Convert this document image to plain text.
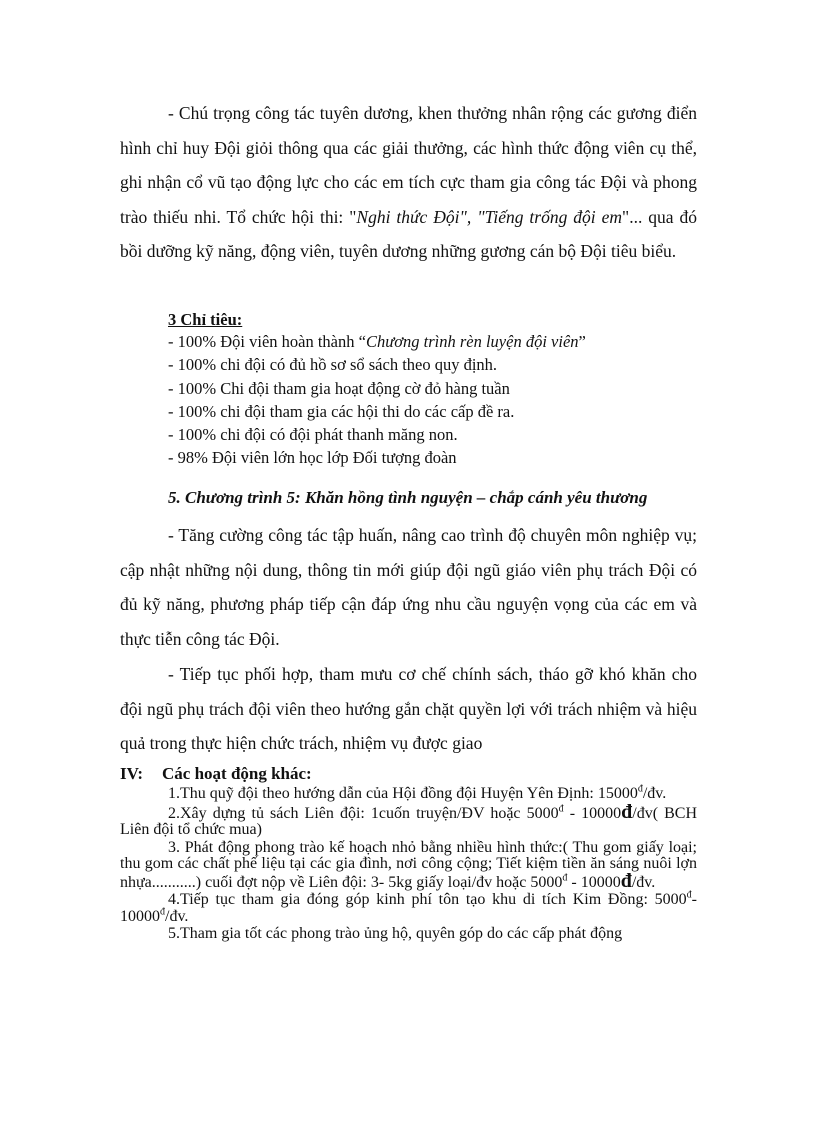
- Chú trọng công tác tuyên dương, khen thưởng nhân rộng các gương điển hình chỉ huy Đội giỏi thông qua các giải thưởng, các hình thức động viên cụ thể, ghi nhận cổ vũ tạo động lực cho các em tích cực tham gia công tác Đội và phong trào thiếu nhi. Tổ chức hội thi: "Nghi thức Đội", "Tiếng trống đội em"... qua đó bồi dưỡng kỹ năng, động viên, tuyên dương những gương cán bộ Đội tiêu biểu.
3 Chỉ tiêu:
- 100% Đội viên hoàn thành “Chương trình rèn luyện đội viên”
- 100% chi đội có đủ hồ sơ sổ sách theo quy định.
- 100% Chi đội tham gia hoạt động cờ đỏ hàng tuần
- 100% chi đội tham gia các hội thi do các cấp đề ra.
- 100% chi đội có đội phát thanh măng non.
- 98% Đội viên lớn học lớp Đối tượng đoàn
5. Chương trình 5: Khăn hồng tình nguyện – chắp cánh yêu thương
- Tăng cường công tác tập huấn, nâng cao trình độ chuyên môn nghiệp vụ; cập nhật những nội dung, thông tin mới giúp đội ngũ giáo viên phụ trách Đội có đủ kỹ năng, phương pháp tiếp cận đáp ứng nhu cầu nguyện vọng của các em và thực tiễn công tác Đội.
- Tiếp tục phối hợp, tham mưu cơ chế chính sách, tháo gỡ khó khăn cho đội ngũ phụ trách đội viên theo hướng gắn chặt quyền lợi với trách nhiệm và hiệu quả trong thực hiện chức trách, nhiệm vụ được giao
IV: Các hoạt động khác:
1.Thu quỹ đội theo hướng dẫn của Hội đồng đội Huyện Yên Định: $15000^đ/đv$.
2.Xây dựng tủ sách Liên đội: 1cuốn truyện/ĐV hoặc $5000^đ$ - 10000đ/đv( BCH Liên đội tổ chức mua)
3. Phát động phong trào kế hoạch nhỏ bằng nhiều hình thức:( Thu gom giấy loại; thu gom các chất phế liệu tại các gia đình, nơi công cộng; Tiết kiệm tiền ăn sáng nuôi lợn nhựa...........) cuối đợt nộp về Liên đội: 3- 5kg giấy loại/đv hoặc $5000^đ$ - 10000đ/đv.
4.Tiếp tục tham gia đóng góp kinh phí tôn tạo khu di tích Kim Đồng: $5000^đ-$ $10000^đ/đv$.
5.Tham gia tốt các phong trào ủng hộ, quyên góp do các cấp phát động
